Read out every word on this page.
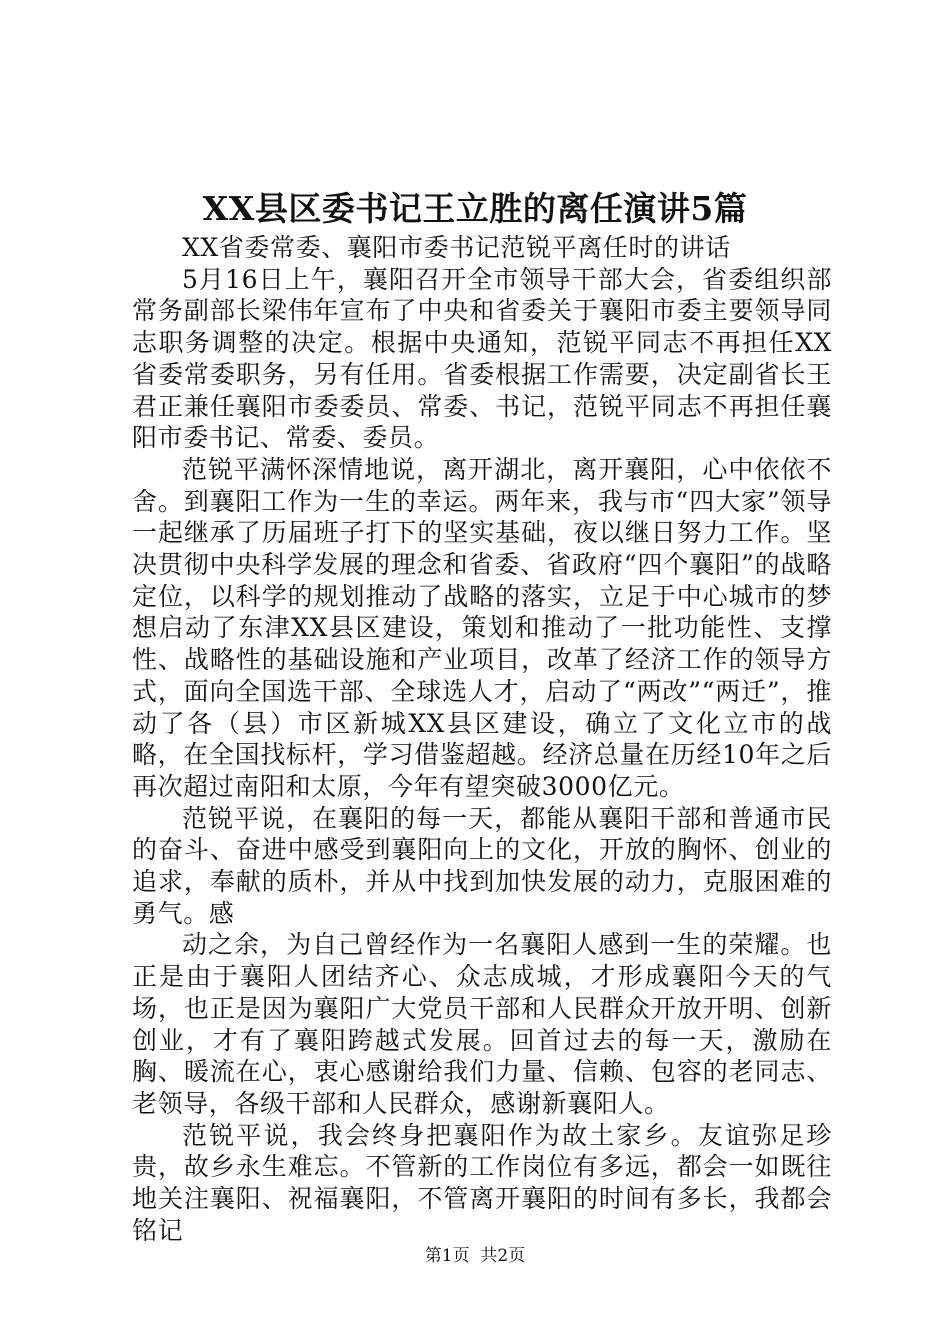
XX县区委书记王立胜的离任演讲5篇

XX省委常委、襄阳市委书记范锐平离任时的讲话

5月16日上午，襄阳召开全市领导干部大会，省委组织部常务副部长梁伟年宣布了中央和省委关于襄阳市委主要领导同志职务调整的决定。根据中央通知，范锐平同志不再担任XX省委常委职务，另有任用。省委根据工作需要，决定副省长王君正兼任襄阳市委委员、常委、书记，范锐平同志不再担任襄阳市委书记、常委、委员。

范锐平满怀深情地说，离开湖北，离开襄阳，心中依依不舍。到襄阳工作为一生的幸运。两年来，我与市“四大家”领导一起继承了历届班子打下的坚实基础，夜以继日努力工作。坚决贯彻中央科学发展的理念和省委、省政府“四个襄阳”的战略定位，以科学的规划推动了战略的落实，立足于中心城市的梦想启动了东津XX县区建设，策划和推动了一批功能性、支撑性、战略性的基础设施和产业项目，改革了经济工作的领导方式，面向全国选干部、全球选人才，启动了“两改”“两迁”，推动了各（县）市区新城XX县区建设，确立了文化立市的战略，在全国找标杆，学习借鉴超越。经济总量在历经10年之后再次超过南阳和太原，今年有望突破3000亿元。

范锐平说，在襄阳的每一天，都能从襄阳干部和普通市民的奋斗、奋进中感受到襄阳向上的文化，开放的胸怀、创业的追求，奉献的质朴，并从中找到加快发展的动力，克服困难的勇气。感

动之余，为自己曾经作为一名襄阳人感到一生的荣耀。也正是由于襄阳人团结齐心、众志成城，才形成襄阳今天的气场，也正是因为襄阳广大党员干部和人民群众开放开明、创新创业，才有了襄阳跨越式发展。回首过去的每一天，激励在胸、暖流在心，衷心感谢给我们力量、信赖、包容的老同志、老领导，各级干部和人民群众，感谢新襄阳人。

范锐平说，我会终身把襄阳作为故土家乡。友谊弥足珍贵，故乡永生难忘。不管新的工作岗位有多远，都会一如既往地关注襄阳、祝福襄阳，不管离开襄阳的时间有多长，我都会铭记

第1页  共2页
